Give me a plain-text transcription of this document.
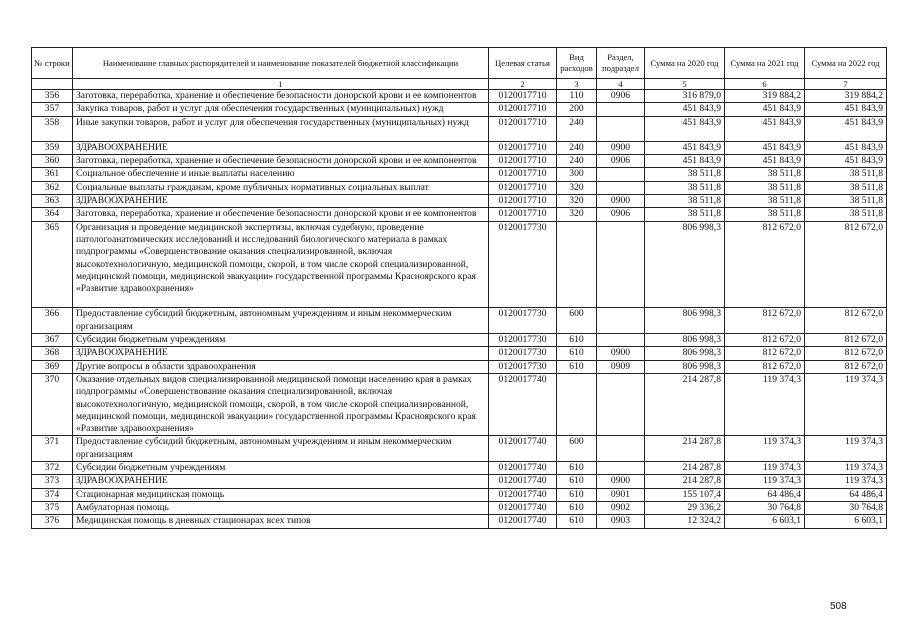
№ строки	Наименование главных распорядителей и наименование показателей бюджетной классификации	Целевая статья	Вид расходов	Раздел, подраздел	Сумма на 2020 год	Сумма на 2021 год	Сумма на 2022 год
	1	2	3	4	5	6	7
356	Заготовка, переработка, хранение и обеспечение безопасности донорской крови и ее компонентов	0120017710	110	0906	316 879,0	319 884,2	319 884,2
357	Закупка товаров, работ и услуг для обеспечения государственных (муниципальных) нужд	0120017710	200		451 843,9	451 843,9	451 843,9
358	Иные закупки товаров, работ и услуг для обеспечения государственных (муниципальных) нужд	0120017710	240		451 843,9	451 843,9	451 843,9
359	ЗДРАВООХРАНЕНИЕ	0120017710	240	0900	451 843,9	451 843,9	451 843,9
360	Заготовка, переработка, хранение и обеспечение безопасности донорской крови и ее компонентов	0120017710	240	0906	451 843,9	451 843,9	451 843,9
361	Социальное обеспечение и иные выплаты населению	0120017710	300		38 511,8	38 511,8	38 511,8
362	Социальные выплаты гражданам, кроме публичных нормативных социальных выплат	0120017710	320		38 511,8	38 511,8	38 511,8
363	ЗДРАВООХРАНЕНИЕ	0120017710	320	0900	38 511,8	38 511,8	38 511,8
364	Заготовка, переработка, хранение и обеспечение безопасности донорской крови и ее компонентов	0120017710	320	0906	38 511,8	38 511,8	38 511,8
365	Организация и проведение медицинской экспертизы, включая судебную, проведение патологоанатомических исследований и исследований биологического материала в рамках подпрограммы «Совершенствование оказания специализированной, включая высокотехнологичную, медицинской помощи, скорой, в том числе скорой специализированной, медицинской помощи, медицинской эвакуации» государственной программы Красноярского края «Развитие здравоохранения»	0120017730			806 998,3	812 672,0	812 672,0
366	Предоставление субсидий бюджетным, автономным учреждениям и иным некоммерческим организациям	0120017730	600		806 998,3	812 672,0	812 672,0
367	Субсидии бюджетным учреждениям	0120017730	610		806 998,3	812 672,0	812 672,0
368	ЗДРАВООХРАНЕНИЕ	0120017730	610	0900	806 998,3	812 672,0	812 672,0
369	Другие вопросы в области здравоохранения	0120017730	610	0909	806 998,3	812 672,0	812 672,0
370	Оказание отдельных видов специализированной медицинской помощи населению края в рамках подпрограммы «Совершенствование оказания специализированной, включая высокотехнологичную, медицинской помощи, скорой, в том числе скорой специализированной, медицинской помощи, медицинской эвакуации» государственной программы Красноярского края «Развитие здравоохранения»	0120017740			214 287,8	119 374,3	119 374,3
371	Предоставление субсидий бюджетным, автономным учреждениям и иным некоммерческим организациям	0120017740	600		214 287,8	119 374,3	119 374,3
372	Субсидии бюджетным учреждениям	0120017740	610		214 287,8	119 374,3	119 374,3
373	ЗДРАВООХРАНЕНИЕ	0120017740	610	0900	214 287,8	119 374,3	119 374,3
374	Стационарная медицинская помощь	0120017740	610	0901	155 107,4	64 486,4	64 486,4
375	Амбулаторная помощь	0120017740	610	0902	29 336,2	30 764,8	30 764,8
376	Медицинская помощь в дневных стационарах всех типов	0120017740	610	0903	12 324,2	6 603,1	6 603,1
508
